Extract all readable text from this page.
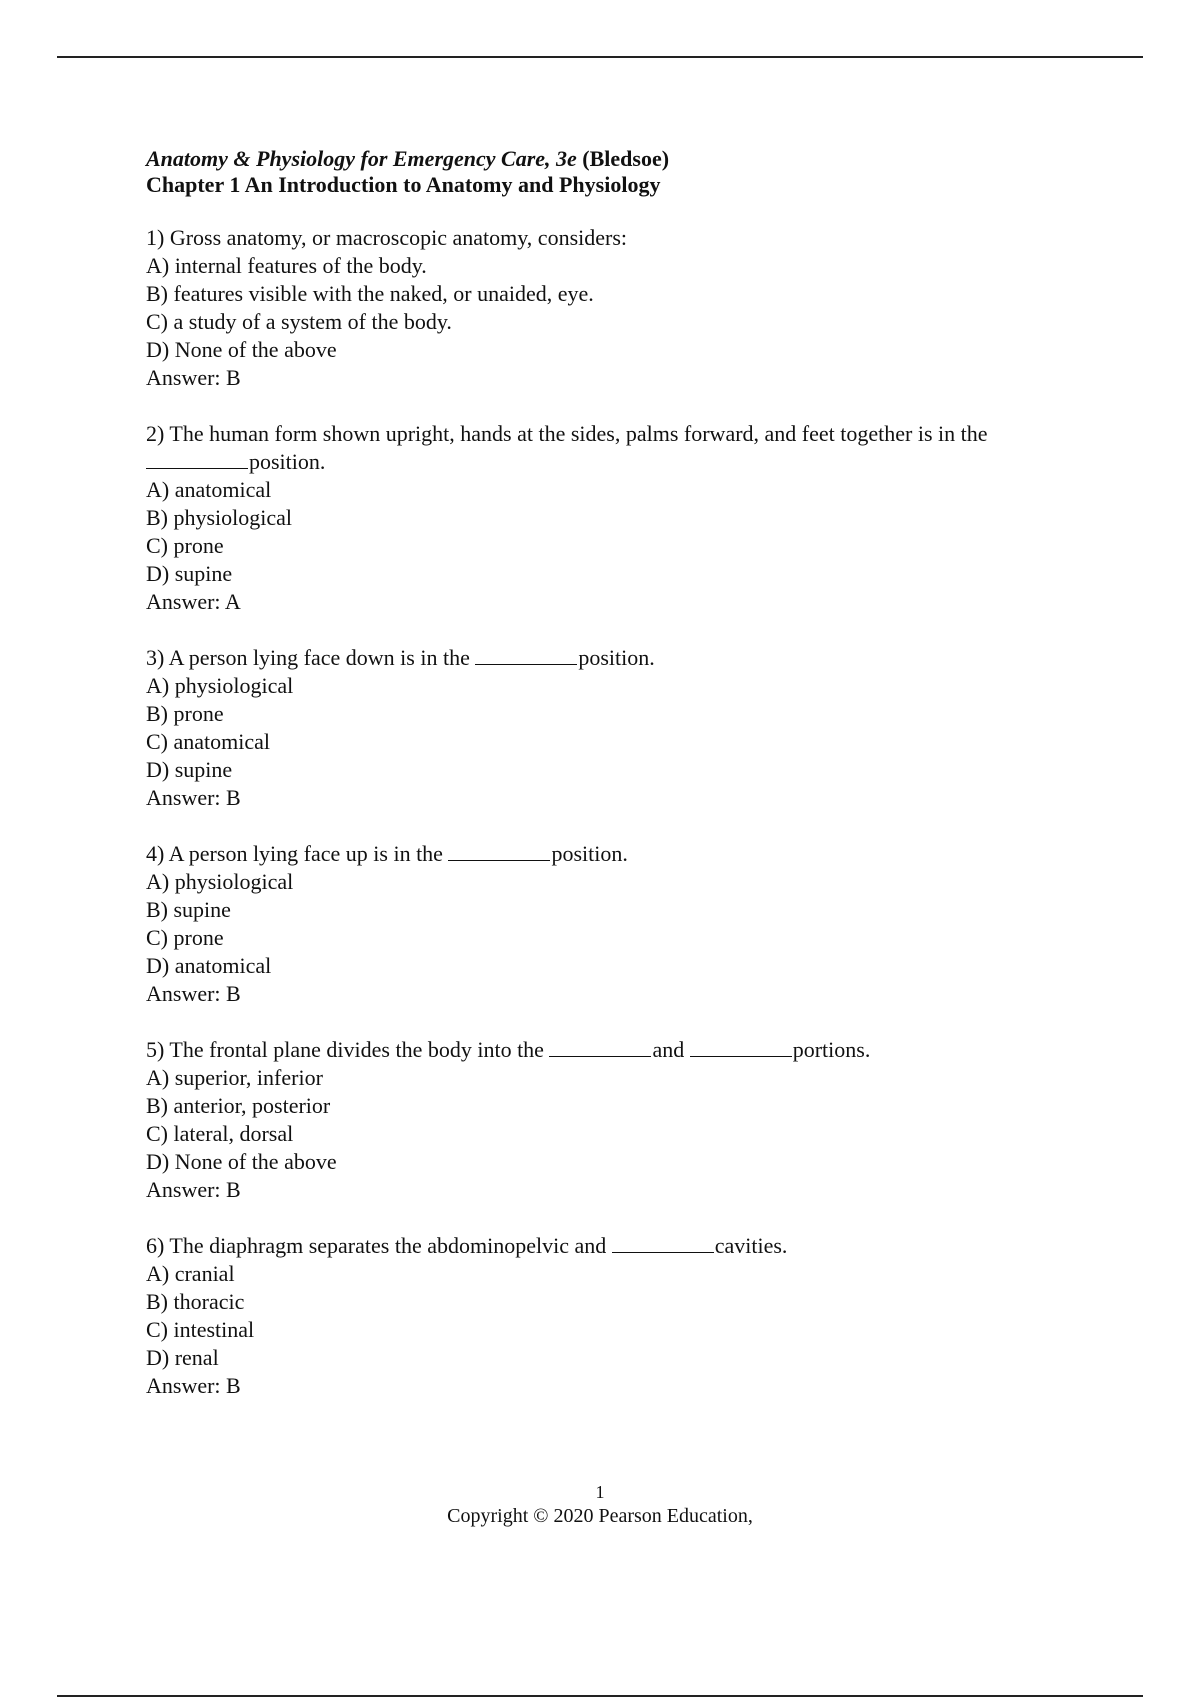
Anatomy & Physiology for Emergency Care, 3e (Bledsoe)
Chapter 1 An Introduction to Anatomy and Physiology
1) Gross anatomy, or macroscopic anatomy, considers:
A) internal features of the body.
B) features visible with the naked, or unaided, eye.
C) a study of a system of the body.
D) None of the above
Answer: B
2) The human form shown upright, hands at the sides, palms forward, and feet together is in the
position.
A) anatomical
B) physiological
C) prone
D) supine
Answer: A
3) A person lying face down is in the	position.
A) physiological
B) prone
C) anatomical
D) supine
Answer: B
4) A person lying face up is in the	position.
A) physiological
B) supine
C) prone
D) anatomical
Answer: B
5) The frontal plane divides the body into the	and	portions.
A) superior, inferior
B) anterior, posterior
C) lateral, dorsal
D) None of the above
Answer: B
6) The diaphragm separates the abdominopelvic and	cavities.
A) cranial
B) thoracic
C) intestinal
D) renal
Answer: B
1
Copyright © 2020 Pearson Education,
